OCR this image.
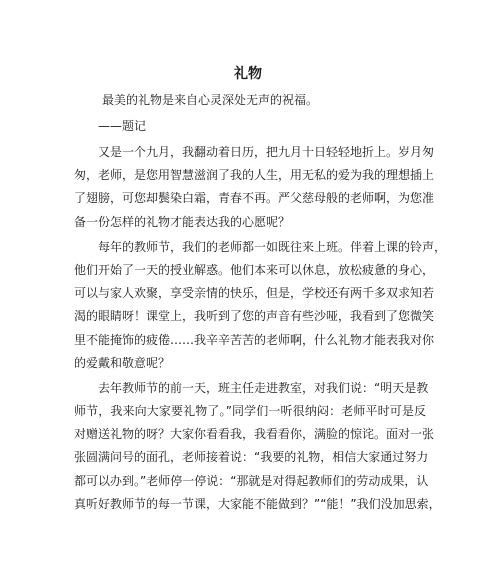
礼物
最美的礼物是来自心灵深处无声的祝福。
——题记
又是一个九月，我翻动着日历，把九月十日轻轻地折上。岁月匆
匆，老师，是您用智慧滋润了我的人生，用无私的爱为我的理想插上
了翅膀，可您却鬓染白霜，青春不再。严父慈母般的老师啊，为您准
备一份怎样的礼物才能表达我的心愿呢？
每年的教师节，我们的老师都一如既往来上班。伴着上课的铃声，
他们开始了一天的授业解惑。他们本来可以休息，放松疲惫的身心，
可以与家人欢聚，享受亲情的快乐，但是，学校还有两千多双求知若
渴的眼睛呀！课堂上，我听到了您的声音有些沙哑，我看到了您微笑
里不能掩饰的疲倦……我辛辛苦苦的老师啊，什么礼物才能表我对你
的爱戴和敬意呢？
去年教师节的前一天，班主任走进教室，对我们说：“明天是教
师节，我来向大家要礼物了。”同学们一听很纳闷：老师平时可是反
对赠送礼物的呀？大家你看看我，我看看你，满脸的惊诧。面对一张
张圆满问号的面孔，老师接着说：“我要的礼物，相信大家通过努力
都可以办到。”老师停一停说：“那就是对得起教师们的劳动成果，认
真听好教师节的每一节课，大家能不能做到？”“能！”我们没加思索，
